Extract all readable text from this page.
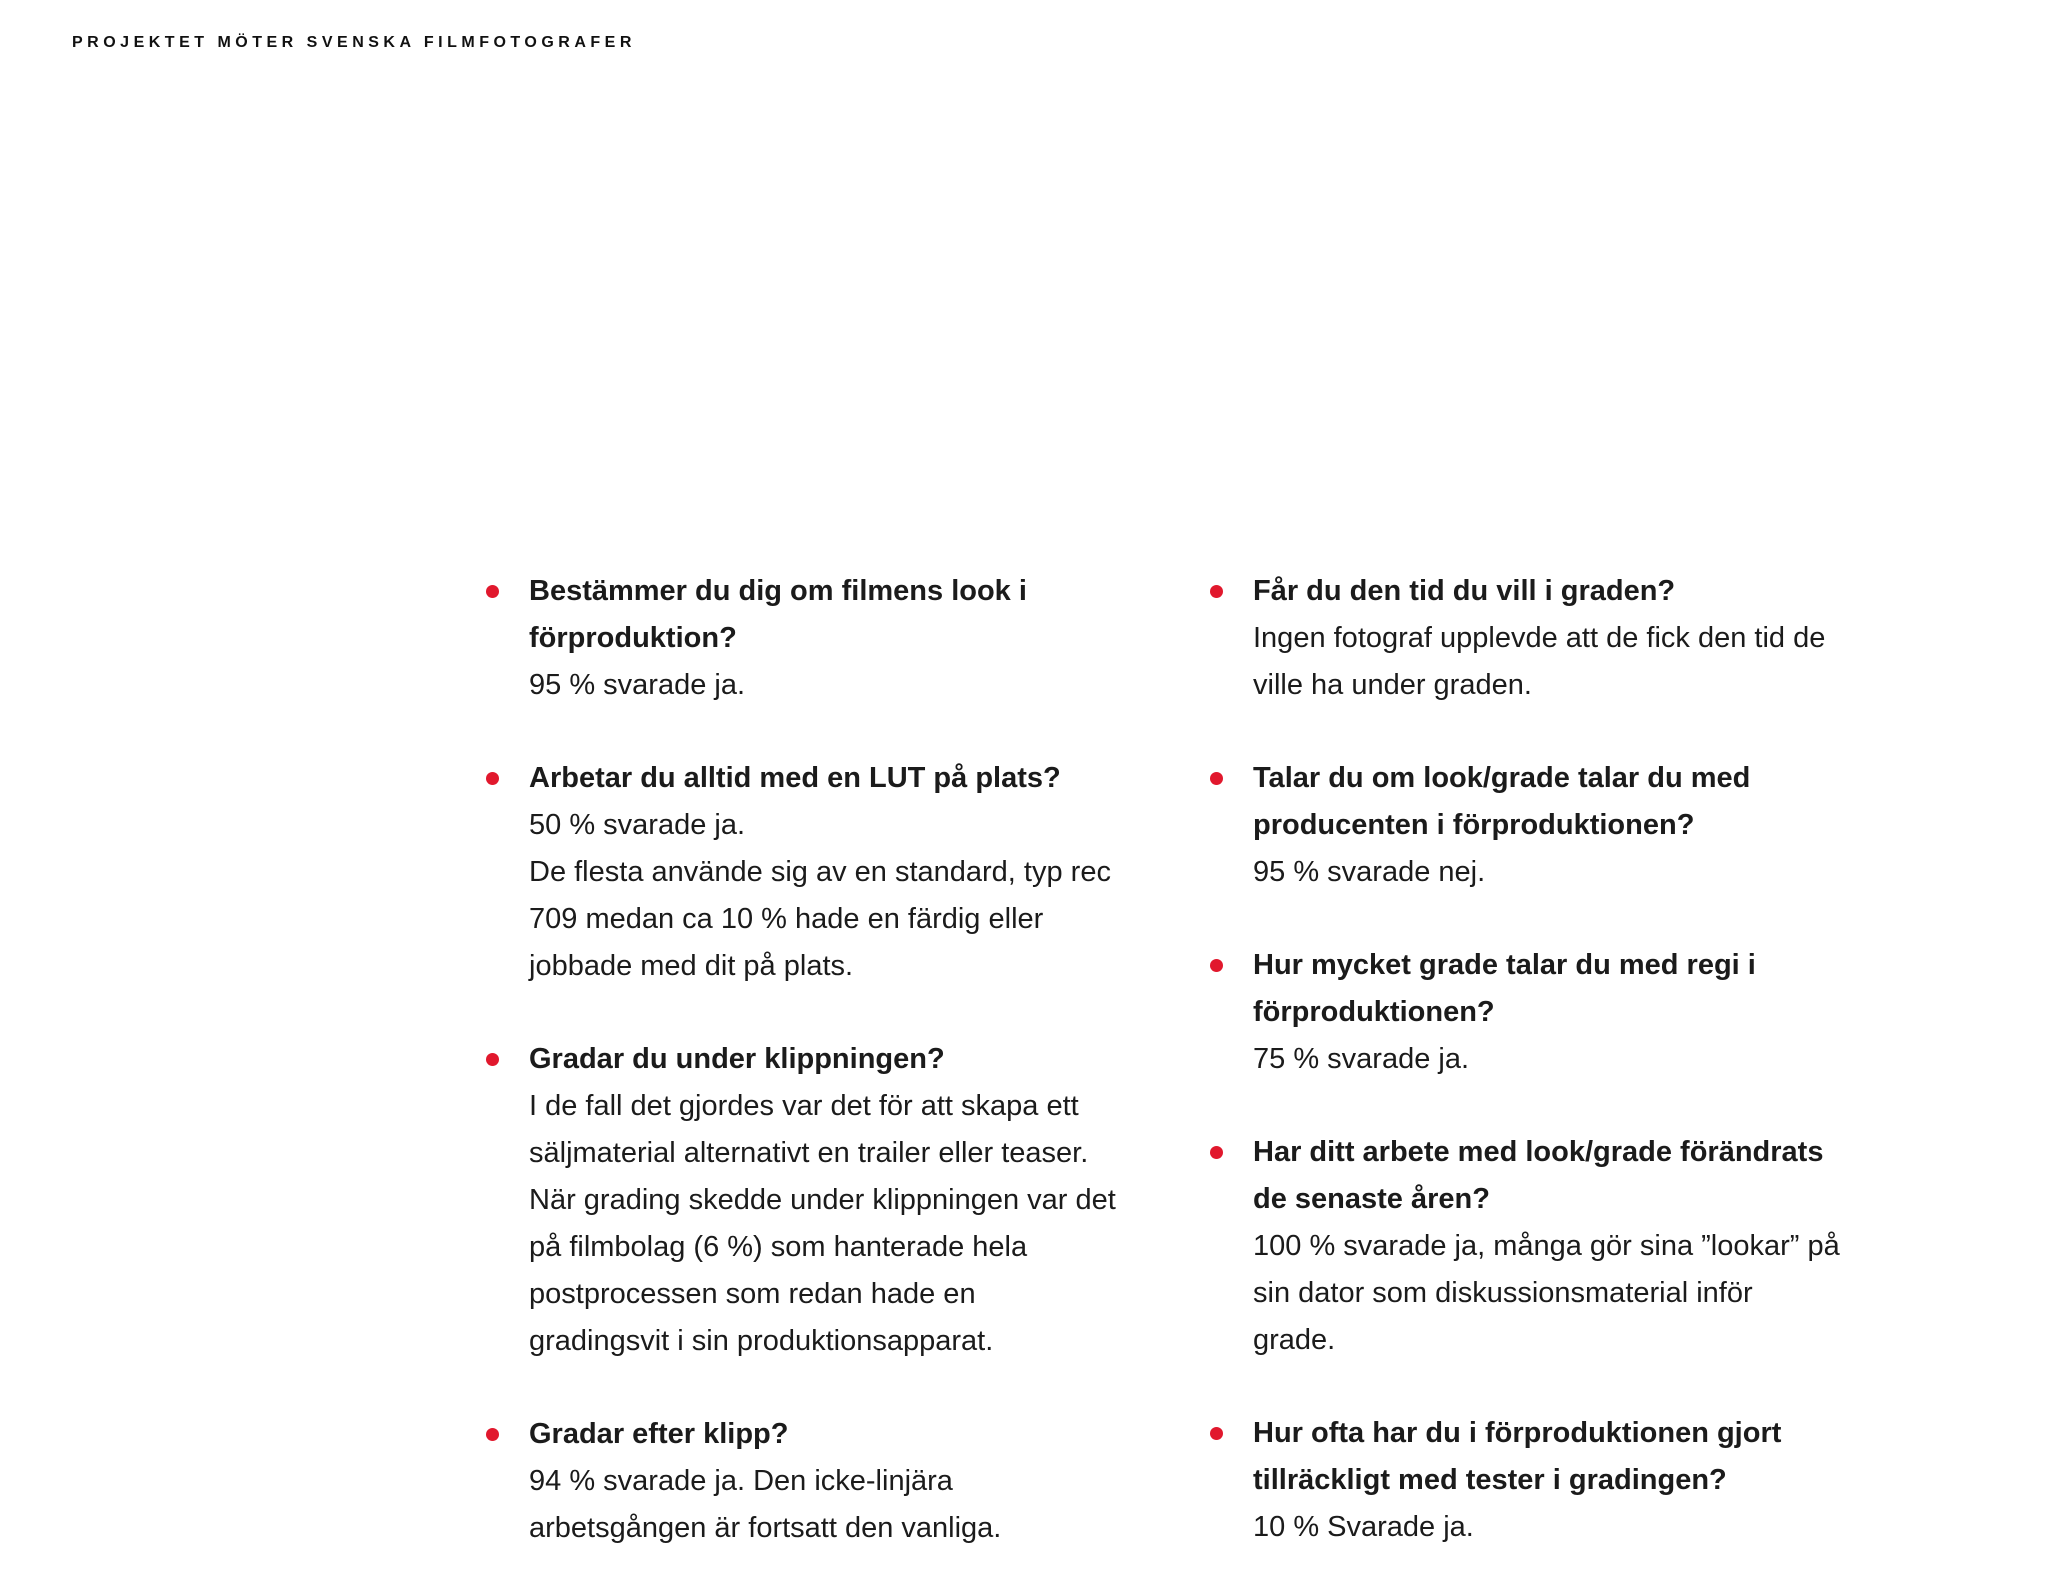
PROJEKTET MÖTER SVENSKA FILMFOTOGRAFER
Bestämmer du dig om filmens look i förproduktion?
95 % svarade ja.
Arbetar du alltid med en LUT på plats?
50 % svarade ja.
De flesta använde sig av en standard, typ rec 709 medan ca 10 % hade en färdig eller jobbade med dit på plats.
Gradar du under klippningen?
I de fall det gjordes var det för att skapa ett säljmaterial alternativt en trailer eller teaser. När grading skedde under klippningen var det på filmbolag (6 %) som hanterade hela postprocessen som redan hade en gradingsvit i sin produktionsapparat.
Gradar efter klipp?
94 % svarade ja. Den icke-linjära arbetsgången är fortsatt den vanliga.
Får du den tid du vill i graden?
Ingen fotograf upplevde att de fick den tid de ville ha under graden.
Talar du om look/grade talar du med producenten i förproduktionen?
95 % svarade nej.
Hur mycket grade talar du med regi i förproduktionen?
75 % svarade ja.
Har ditt arbete med look/grade förändrats de senaste åren?
100 % svarade ja, många gör sina ”lookar” på sin dator som diskussionsmaterial inför grade.
Hur ofta har du i förproduktionen gjort tillräckligt med tester i gradingen?
10 % Svarade ja.
